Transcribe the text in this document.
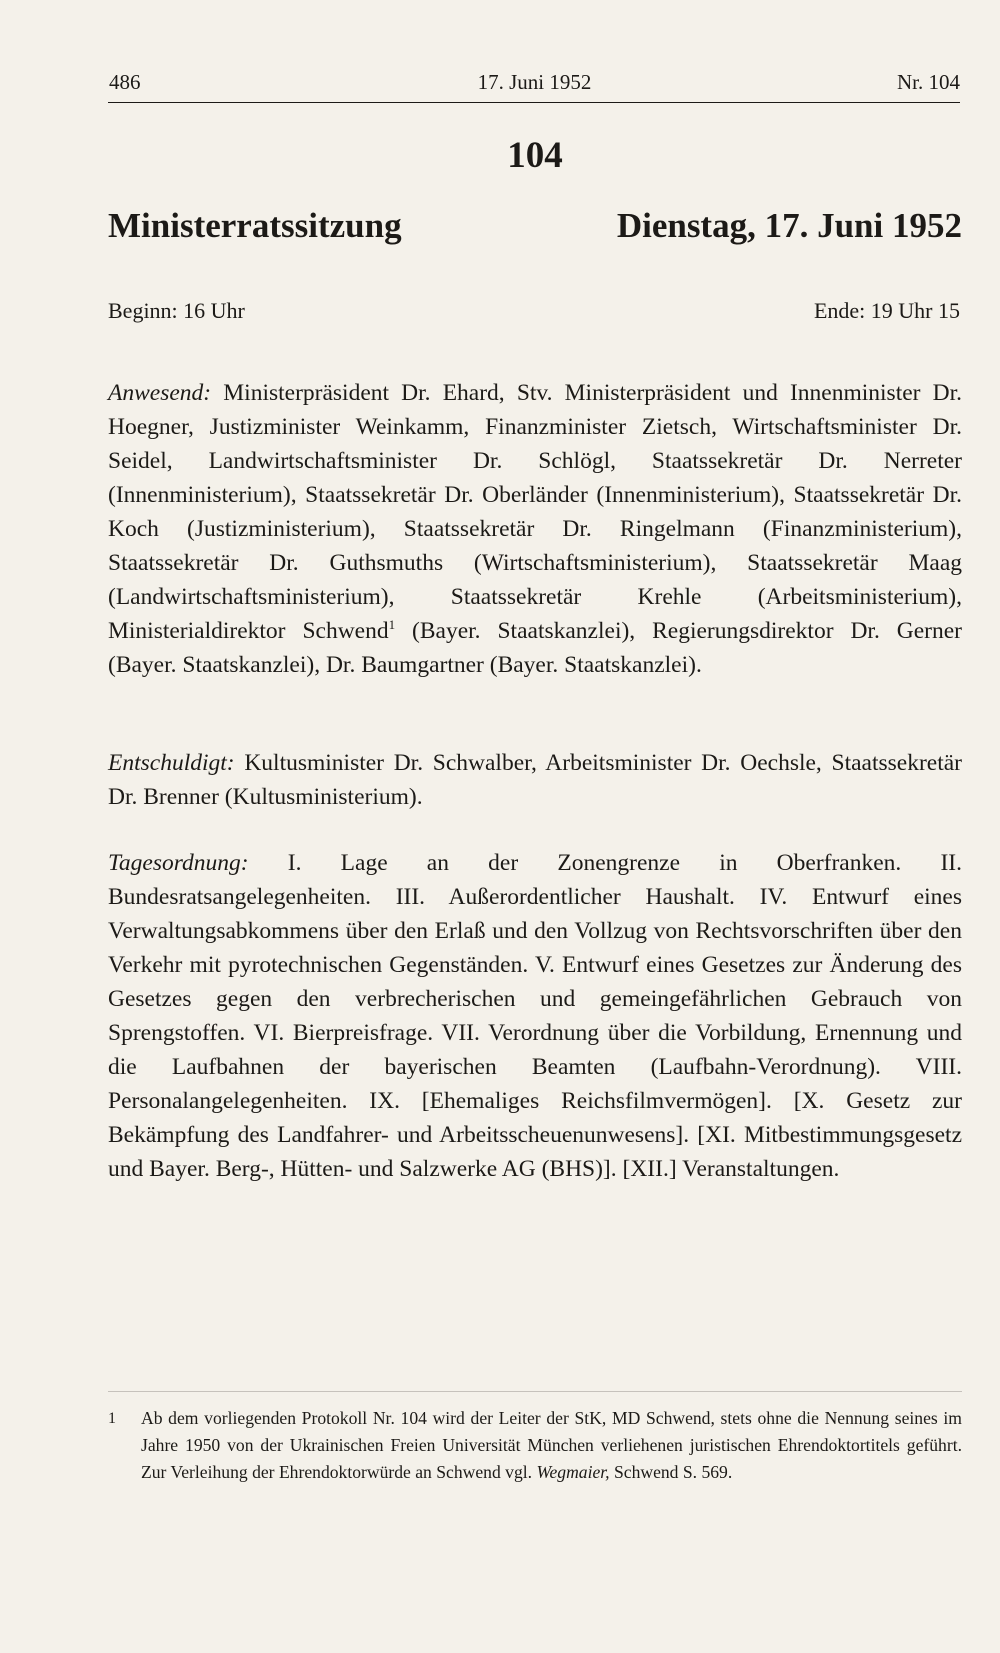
486	17. Juni 1952	Nr. 104
104
Ministerratssitzung	Dienstag, 17. Juni 1952
Beginn: 16 Uhr	Ende: 19 Uhr 15

Anwesend: Ministerpräsident Dr. Ehard, Stv. Ministerpräsident und Innenminister Dr. Hoegner, Justizminister Weinkamm, Finanzminister Zietsch, Wirtschaftsminister Dr. Seidel, Landwirtschaftsminister Dr. Schlögl, Staatssekretär Dr. Nerreter (Innenministerium), Staatssekretär Dr. Oberländer (Innenministerium), Staatssekretär Dr. Koch (Justizministerium), Staatssekretär Dr. Ringelmann (Finanzministerium), Staatssekretär Dr. Guthsmuths (Wirtschaftsministerium), Staatssekretär Maag (Landwirtschaftsministerium), Staatssekretär Krehle (Arbeitsministerium), Ministerialdirektor Schwend$^1$ (Bayer. Staatskanzlei), Regierungsdirektor Dr. Gerner (Bayer. Staatskanzlei), Dr. Baumgartner (Bayer. Staatskanzlei).

Entschuldigt: Kultusminister Dr. Schwalber, Arbeitsminister Dr. Oechsle, Staatssekretär Dr. Brenner (Kultusministerium).

Tagesordnung: I. Lage an der Zonengrenze in Oberfranken. II. Bundesratsangelegenheiten. III. Außerordentlicher Haushalt. IV. Entwurf eines Verwaltungsabkommens über den Erlaß und den Vollzug von Rechtsvorschriften über den Verkehr mit pyrotechnischen Gegenständen. V. Entwurf eines Gesetzes zur Änderung des Gesetzes gegen den verbrecherischen und gemeingefährlichen Gebrauch von Sprengstoffen. VI. Bierpreisfrage. VII. Verordnung über die Vorbildung, Ernennung und die Laufbahnen der bayerischen Beamten (Laufbahn-Verordnung). VIII. Personalangelegenheiten. IX. [Ehemaliges Reichsfilmvermögen]. [X. Gesetz zur Bekämpfung des Landfahrer- und Arbeitsscheuenunwesens]. [XI. Mitbestimmungsgesetz und Bayer. Berg-, Hütten- und Salzwerke AG (BHS)]. [XII.] Veranstaltungen.

1 Ab dem vorliegenden Protokoll Nr. 104 wird der Leiter der StK, MD Schwend, stets ohne die Nennung seines im Jahre 1950 von der Ukrainischen Freien Universität München verliehenen juristischen Ehrendoktortitels geführt. Zur Verleihung der Ehrendoktorwürde an Schwend vgl. Wegmaier, Schwend S. 569.
